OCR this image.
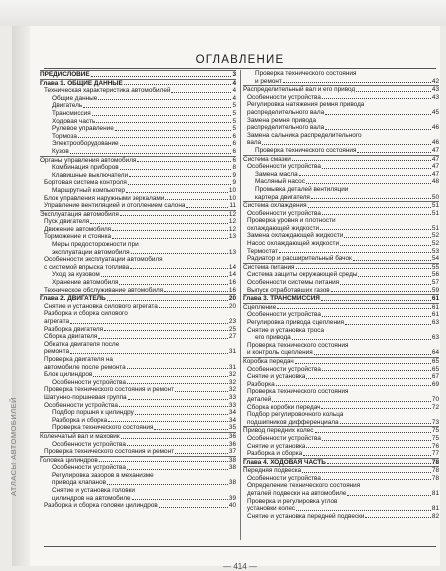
АТЛАСЫ АВТОМОБИЛЕЙ
ОГЛАВЛЕНИЕ
ПРЕДИСЛОВИЕ	3
Глава 1. ОБЩИЕ ДАННЫЕ	4
Техническая характеристика автомобилей	4
Общие данные	4
Двигатель	5
Трансмиссия	5
Ходовая часть	5
Рулевое управление	5
Тормоза	6
Электрооборудование	6
Кузов	6
Органы управления автомобиля	6
Комбинация приборов	8
Клавишные выключатели	9
Бортовая система контроля	9
Маршрутный компьютер	10
Блок управления наружными зеркалами	10
Управление вентиляцией и отоплением салона	11
Эксплуатация автомобиля	12
Пуск двигателя	12
Движение автомобиля	12
Торможение и стоянка	13
Меры предосторожности при
эксплуатации автомобиля	13
Особенности эксплуатации автомобиля
с системой впрыска топлива	14
Уход за кузовом	14
Хранение автомобиля	16
Техническое обслуживание автомобиля	16
Глава 2. ДВИГАТЕЛЬ	20
Снятие и установка силового агрегата	20
Разборка и сборка силового
агрегата	23
Разборка двигателя	25
Сборка двигателя	27
Обкатка двигателя после
ремонта	31
Проверка двигателя на
автомобиле после ремонта	31
Блок цилиндров	32
Особенности устройства	32
Проверка технического состояния и ремонт	32
Шатунно-поршневая группа	33
Особенности устройства	33
Подбор поршня к цилиндру	34
Разборка и сборка	34
Проверка технического состояния	35
Коленчатый вал и маховик	36
Особенности устройства	36
Проверка технического состояния и ремонт	37
Головка цилиндров	38
Особенности устройства	38
Регулировка зазоров в механизме
привода клапанов	38
Снятие и установка головки
цилиндров на автомобиле	39
Разборка и сборка головки цилиндров	40
Проверка технического состояния
и ремонт	42
Распределительный вал и его привод	43
Особенности устройства	43
Регулировка натяжения ремня привода
распределительного вала	45
Замена ремня привода
распределительного вала	46
Замена сальника распределительного
вала	46
Проверка технического состояния	47
Система смазки	47
Особенности устройства	47
Замена масла	47
Масляный насос	48
Промывка деталей вентиляции
картера двигателя	50
Система охлаждения	51
Особенности устройства	51
Проверка уровня и плотности
охлаждающей жидкости	51
Замена охлаждающей жидкости	52
Насос охлаждающей жидкости	52
Термостат	53
Радиатор и расширительный бачок	54
Система питания	55
Система защиты окружающей среды	56
Особенности системы питания	57
Выпуск отработавших газов	59
Глава 3. ТРАНСМИССИЯ	61
Сцепление	61
Особенности устройства	61
Регулировка привода сцепления	63
Снятие и установка троса
его привода	63
Проверка технического состояния
и контроль сцепления	64
Коробка передач	65
Особенности устройства	65
Снятие и установка	67
Разборка	69
Проверка технического состояния
деталей	70
Сборка коробки передач	72
Подбор регулировочного кольца
подшипников дифференциала	73
Привод передних колес	75
Особенности устройства	75
Снятие и установка	76
Разборка и сборка	77
Глава 4. ХОДОВАЯ ЧАСТЬ	78
Передняя подвеска	78
Особенности устройства	78
Определение технического состояния
деталей подвески на автомобиле	81
Проверка и регулировка углов
установки колес	81
Снятие и установка передней подвески	82
— 414 —
